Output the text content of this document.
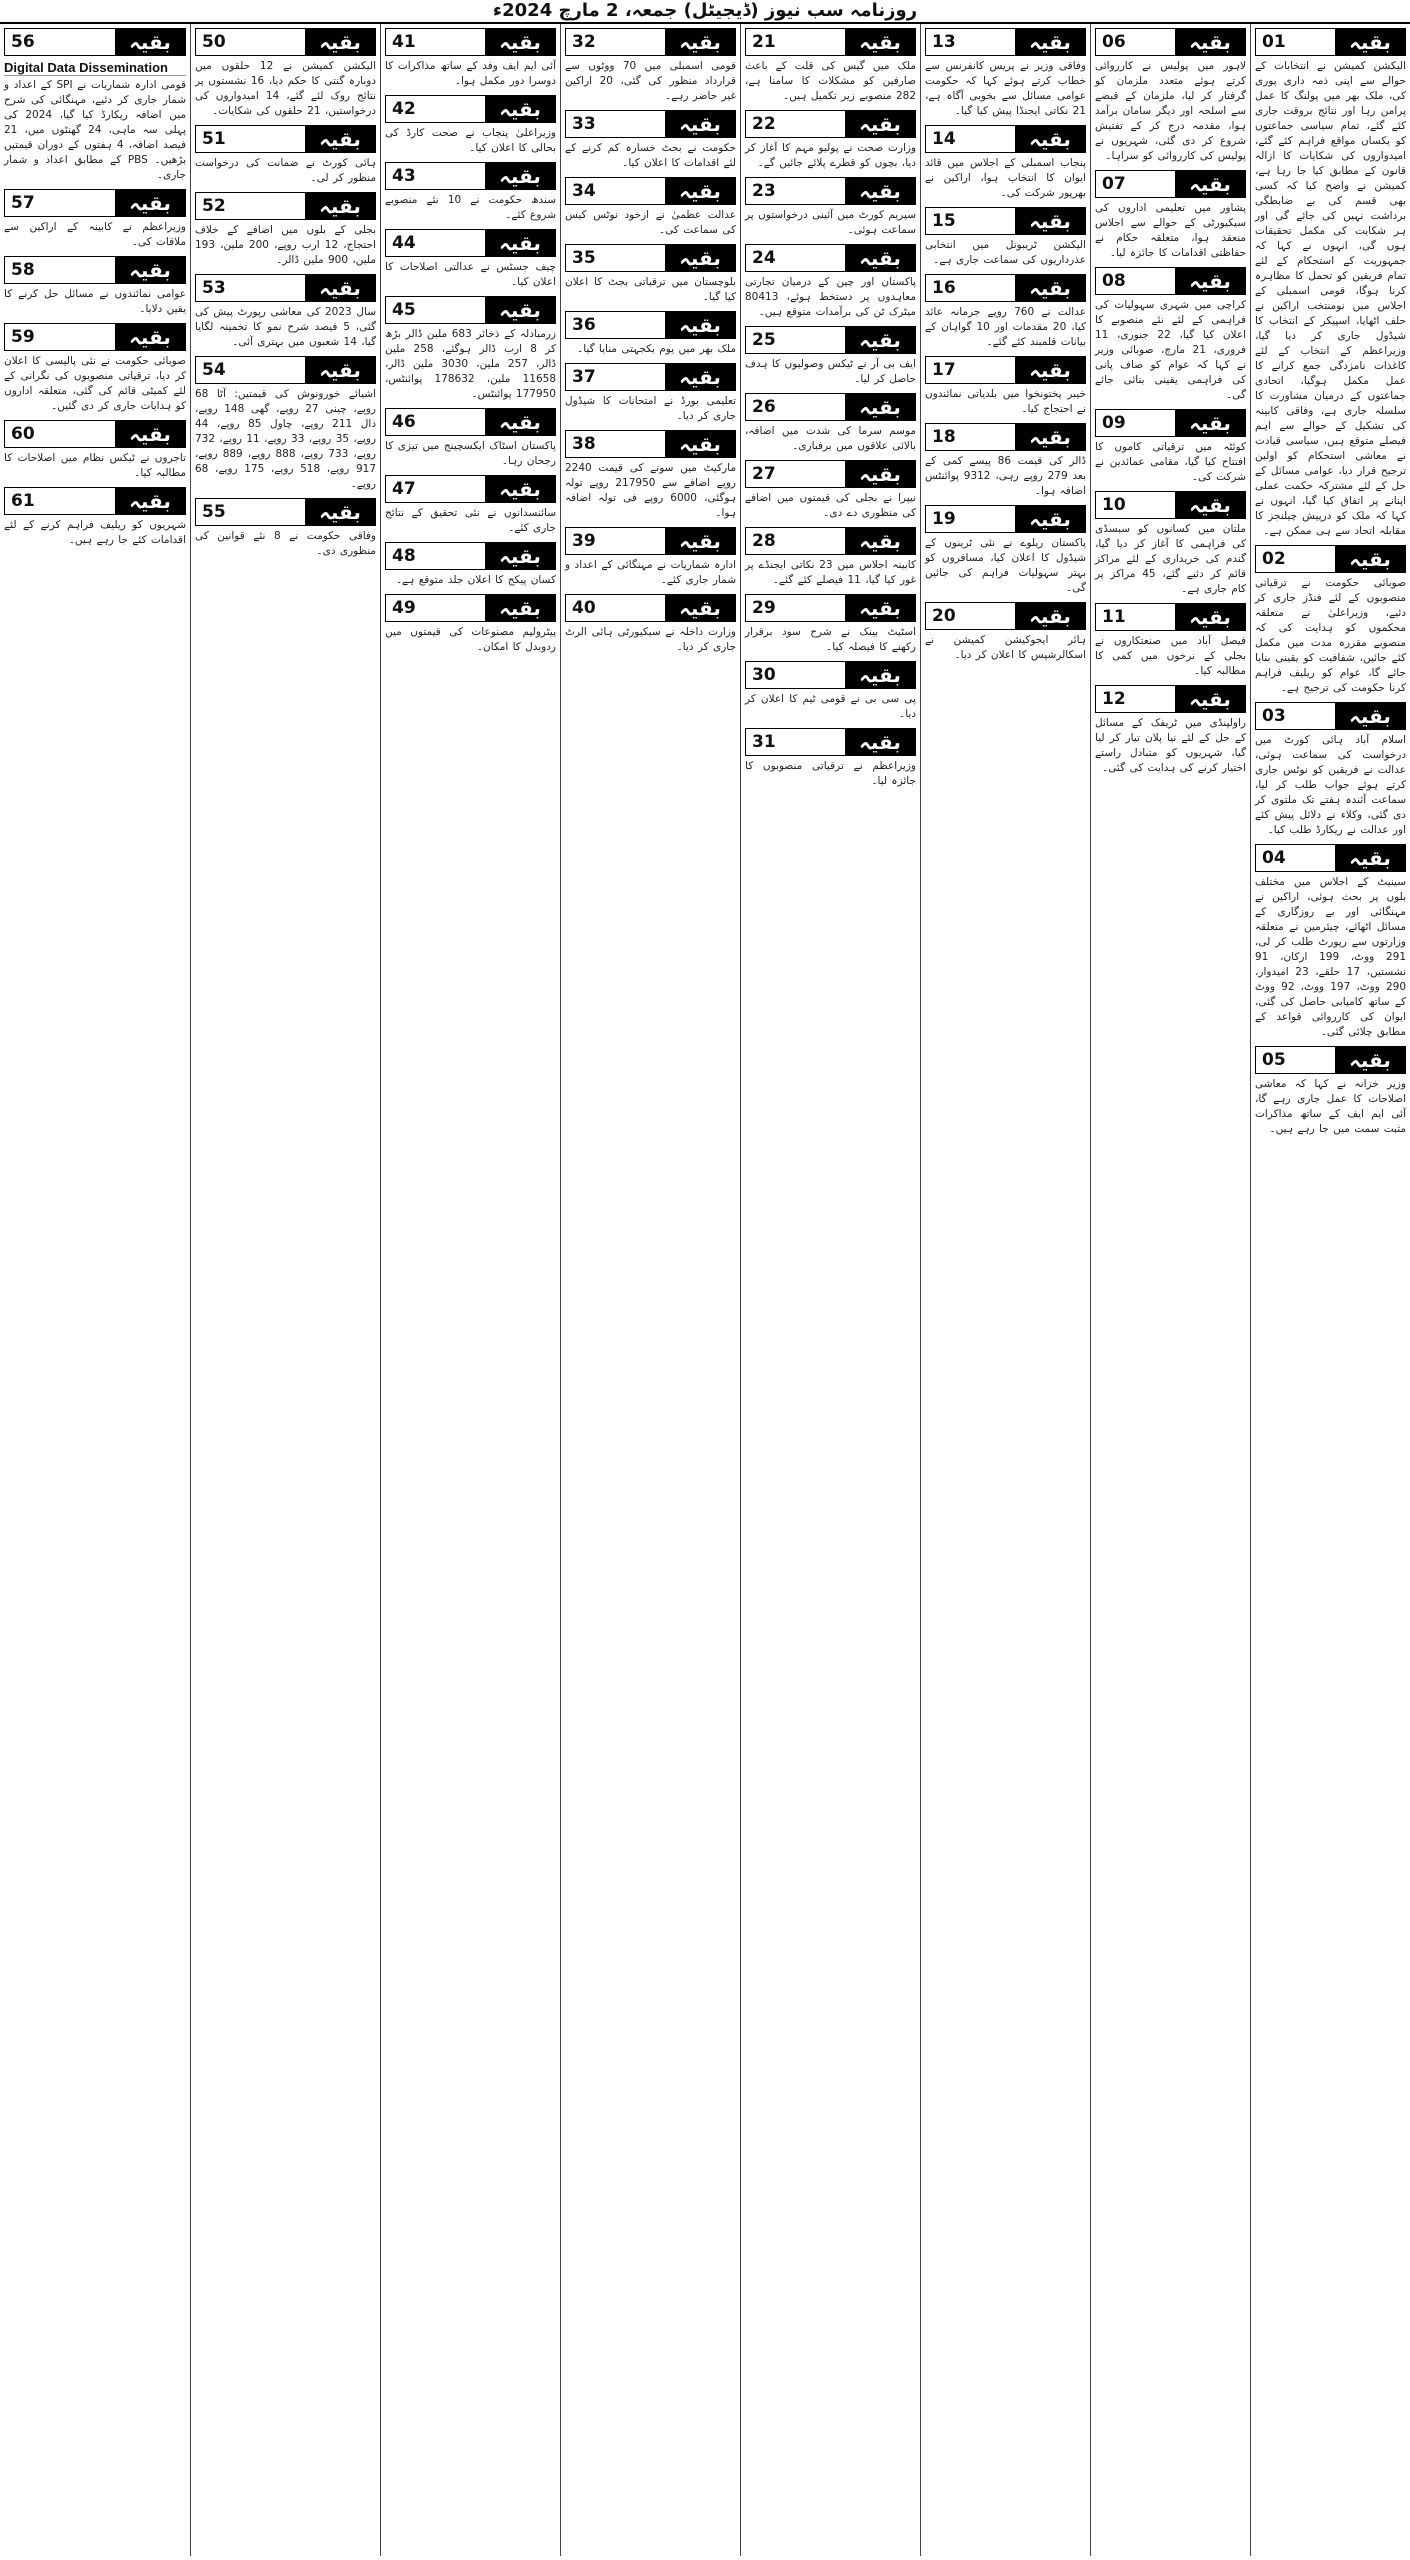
روزنامہ سب نیوز (ڈیجیٹل) جمعہ، 2 مارچ 2024ء
01	بقیہ
الیکشن کمیشن نے انتخابات کے حوالے سے اپنی ذمہ داری پوری کی، ملک بھر میں پولنگ کا عمل پرامن رہا اور نتائج بروقت جاری کئے گئے، تمام سیاسی جماعتوں کو یکساں مواقع فراہم کئے گئے، امیدواروں کی شکایات کا ازالہ قانون کے مطابق کیا جا رہا ہے، کمیشن نے واضح کیا کہ کسی بھی قسم کی بے ضابطگی برداشت نہیں کی جائے گی اور ہر شکایت کی مکمل تحقیقات ہوں گی، انہوں نے کہا کہ جمہوریت کے استحکام کے لئے تمام فریقین کو تحمل کا مظاہرہ کرنا ہوگا، قومی اسمبلی کے اجلاس میں نومنتخب اراکین نے حلف اٹھایا، اسپیکر کے انتخاب کا شیڈول جاری کر دیا گیا، وزیراعظم کے انتخاب کے لئے کاغذات نامزدگی جمع کرانے کا عمل مکمل ہوگیا، اتحادی جماعتوں کے درمیان مشاورت کا سلسلہ جاری ہے، وفاقی کابینہ کی تشکیل کے حوالے سے اہم فیصلے متوقع ہیں، سیاسی قیادت نے معاشی استحکام کو اولین ترجیح قرار دیا، عوامی مسائل کے حل کے لئے مشترکہ حکمت عملی اپنانے پر اتفاق کیا گیا، انہوں نے کہا کہ ملک کو درپیش چیلنجز کا مقابلہ اتحاد سے ہی ممکن ہے۔
02	بقیہ
صوبائی حکومت نے ترقیاتی منصوبوں کے لئے فنڈز جاری کر دئیے، وزیراعلیٰ نے متعلقہ محکموں کو ہدایت کی کہ منصوبے مقررہ مدت میں مکمل کئے جائیں، شفافیت کو یقینی بنایا جائے گا، عوام کو ریلیف فراہم کرنا حکومت کی ترجیح ہے۔
03	بقیہ
اسلام آباد ہائی کورٹ میں درخواست کی سماعت ہوئی، عدالت نے فریقین کو نوٹس جاری کرتے ہوئے جواب طلب کر لیا، سماعت آئندہ ہفتے تک ملتوی کر دی گئی، وکلاء نے دلائل پیش کئے اور عدالت نے ریکارڈ طلب کیا۔
04	بقیہ
سینیٹ کے اجلاس میں مختلف بلوں پر بحث ہوئی، اراکین نے مہنگائی اور بے روزگاری کے مسائل اٹھائے، چیئرمین نے متعلقہ وزارتوں سے رپورٹ طلب کر لی، 291 ووٹ، 199 ارکان، 91 نشستیں، 17 حلقے، 23 امیدوار، 290 ووٹ، 197 ووٹ، 92 ووٹ کے ساتھ کامیابی حاصل کی گئی، ایوان کی کارروائی قواعد کے مطابق چلائی گئی۔
05	بقیہ
وزیر خزانہ نے کہا کہ معاشی اصلاحات کا عمل جاری رہے گا، آئی ایم ایف کے ساتھ مذاکرات مثبت سمت میں جا رہے ہیں۔
06	بقیہ
لاہور میں پولیس نے کارروائی کرتے ہوئے متعدد ملزمان کو گرفتار کر لیا، ملزمان کے قبضے سے اسلحہ اور دیگر سامان برآمد ہوا، مقدمہ درج کر کے تفتیش شروع کر دی گئی، شہریوں نے پولیس کی کارروائی کو سراہا۔
07	بقیہ
پشاور میں تعلیمی اداروں کی سیکیورٹی کے حوالے سے اجلاس منعقد ہوا، متعلقہ حکام نے حفاظتی اقدامات کا جائزہ لیا۔
08	بقیہ
کراچی میں شہری سہولیات کی فراہمی کے لئے نئے منصوبے کا اعلان کیا گیا، 22 جنوری، 11 فروری، 21 مارچ، صوبائی وزیر نے کہا کہ عوام کو صاف پانی کی فراہمی یقینی بنائی جائے گی۔
09	بقیہ
کوئٹہ میں ترقیاتی کاموں کا افتتاح کیا گیا، مقامی عمائدین نے شرکت کی۔
10	بقیہ
ملتان میں کسانوں کو سبسڈی کی فراہمی کا آغاز کر دیا گیا، گندم کی خریداری کے لئے مراکز قائم کر دئیے گئے، 45 مراکز پر کام جاری ہے۔
11	بقیہ
فیصل آباد میں صنعتکاروں نے بجلی کے نرخوں میں کمی کا مطالبہ کیا۔
12	بقیہ
راولپنڈی میں ٹریفک کے مسائل کے حل کے لئے نیا پلان تیار کر لیا گیا، شہریوں کو متبادل راستے اختیار کرنے کی ہدایت کی گئی۔
13	بقیہ
وفاقی وزیر نے پریس کانفرنس سے خطاب کرتے ہوئے کہا کہ حکومت عوامی مسائل سے بخوبی آگاہ ہے، 21 نکاتی ایجنڈا پیش کیا گیا۔
14	بقیہ
پنجاب اسمبلی کے اجلاس میں قائد ایوان کا انتخاب ہوا، اراکین نے بھرپور شرکت کی۔
15	بقیہ
الیکشن ٹریبونل میں انتخابی عذرداریوں کی سماعت جاری ہے۔
16	بقیہ
عدالت نے 760 روپے جرمانہ عائد کیا، 20 مقدمات اور 10 گواہان کے بیانات قلمبند کئے گئے۔
17	بقیہ
خیبر پختونخوا میں بلدیاتی نمائندوں نے احتجاج کیا۔
18	بقیہ
ڈالر کی قیمت 86 پیسے کمی کے بعد 279 روپے رہی، 9312 پوائنٹس اضافہ ہوا۔
19	بقیہ
پاکستان ریلوے نے نئی ٹرینوں کے شیڈول کا اعلان کیا، مسافروں کو بہتر سہولیات فراہم کی جائیں گی۔
20	بقیہ
ہائر ایجوکیشن کمیشن نے اسکالرشپس کا اعلان کر دیا۔
21	بقیہ
ملک میں گیس کی قلت کے باعث صارفین کو مشکلات کا سامنا ہے، 282 منصوبے زیر تکمیل ہیں۔
22	بقیہ
وزارت صحت نے پولیو مہم کا آغاز کر دیا، بچوں کو قطرے پلائے جائیں گے۔
23	بقیہ
سپریم کورٹ میں آئینی درخواستوں پر سماعت ہوئی۔
24	بقیہ
پاکستان اور چین کے درمیان تجارتی معاہدوں پر دستخط ہوئے، 80413 میٹرک ٹن کی برآمدات متوقع ہیں۔
25	بقیہ
ایف بی آر نے ٹیکس وصولیوں کا ہدف حاصل کر لیا۔
26	بقیہ
موسم سرما کی شدت میں اضافہ، بالائی علاقوں میں برفباری۔
27	بقیہ
نیپرا نے بجلی کی قیمتوں میں اضافے کی منظوری دے دی۔
28	بقیہ
کابینہ اجلاس میں 23 نکاتی ایجنڈے پر غور کیا گیا، 11 فیصلے کئے گئے۔
29	بقیہ
اسٹیٹ بینک نے شرح سود برقرار رکھنے کا فیصلہ کیا۔
30	بقیہ
پی سی بی نے قومی ٹیم کا اعلان کر دیا۔
31	بقیہ
وزیراعظم نے ترقیاتی منصوبوں کا جائزہ لیا۔
32	بقیہ
قومی اسمبلی میں 70 ووٹوں سے قرارداد منظور کی گئی، 20 اراکین غیر حاضر رہے۔
33	بقیہ
حکومت نے بجٹ خسارہ کم کرنے کے لئے اقدامات کا اعلان کیا۔
34	بقیہ
عدالت عظمیٰ نے ازخود نوٹس کیس کی سماعت کی۔
35	بقیہ
بلوچستان میں ترقیاتی بجٹ کا اعلان کیا گیا۔
36	بقیہ
ملک بھر میں یوم یکجہتی منایا گیا۔
37	بقیہ
تعلیمی بورڈ نے امتحانات کا شیڈول جاری کر دیا۔
38	بقیہ
مارکیٹ میں سونے کی قیمت 2240 روپے اضافے سے 217950 روپے تولہ ہوگئی، 6000 روپے فی تولہ اضافہ ہوا۔
39	بقیہ
ادارہ شماریات نے مہنگائی کے اعداد و شمار جاری کئے۔
40	بقیہ
وزارت داخلہ نے سیکیورٹی ہائی الرٹ جاری کر دیا۔
41	بقیہ
آئی ایم ایف وفد کے ساتھ مذاکرات کا دوسرا دور مکمل ہوا۔
42	بقیہ
وزیراعلیٰ پنجاب نے صحت کارڈ کی بحالی کا اعلان کیا۔
43	بقیہ
سندھ حکومت نے 10 نئے منصوبے شروع کئے۔
44	بقیہ
چیف جسٹس نے عدالتی اصلاحات کا اعلان کیا۔
45	بقیہ
زرمبادلہ کے ذخائر 683 ملین ڈالر بڑھ کر 8 ارب ڈالر ہوگئے، 258 ملین ڈالر، 257 ملین، 3030 ملین ڈالر، 11658 ملین، 178632 پوائنٹس، 177950 پوائنٹس۔
46	بقیہ
پاکستان اسٹاک ایکسچینج میں تیزی کا رجحان رہا۔
47	بقیہ
سائنسدانوں نے نئی تحقیق کے نتائج جاری کئے۔
48	بقیہ
کسان پیکج کا اعلان جلد متوقع ہے۔
49	بقیہ
پیٹرولیم مصنوعات کی قیمتوں میں ردوبدل کا امکان۔
50	بقیہ
الیکشن کمیشن نے 12 حلقوں میں دوبارہ گنتی کا حکم دیا، 16 نشستوں پر نتائج روک لئے گئے، 14 امیدواروں کی درخواستیں، 21 حلقوں کی شکایات۔
51	بقیہ
ہائی کورٹ نے ضمانت کی درخواست منظور کر لی۔
52	بقیہ
بجلی کے بلوں میں اضافے کے خلاف احتجاج، 12 ارب روپے، 200 ملین، 193 ملین، 900 ملین ڈالر۔
53	بقیہ
سال 2023 کی معاشی رپورٹ پیش کی گئی، 5 فیصد شرح نمو کا تخمینہ لگایا گیا، 14 شعبوں میں بہتری آئی۔
54	بقیہ
اشیائے خورونوش کی قیمتیں: آٹا 68 روپے، چینی 27 روپے، گھی 148 روپے، دال 211 روپے، چاول 85 روپے، 44 روپے، 35 روپے، 33 روپے، 11 روپے، 732 روپے، 733 روپے، 888 روپے، 889 روپے، 917 روپے، 518 روپے، 175 روپے، 68 روپے۔
55	بقیہ
وفاقی حکومت نے 8 نئے قوانین کی منظوری دی۔
56	بقیہ
Digital Data Dissemination
قومی ادارہ شماریات نے SPI کے اعداد و شمار جاری کر دئیے، مہنگائی کی شرح میں اضافہ ریکارڈ کیا گیا، 2024 کی پہلی سہ ماہی، 24 گھنٹوں میں، 21 فیصد اضافہ، 4 ہفتوں کے دوران قیمتیں بڑھیں۔ PBS کے مطابق اعداد و شمار جاری۔
57	بقیہ
وزیراعظم نے کابینہ کے اراکین سے ملاقات کی۔
58	بقیہ
عوامی نمائندوں نے مسائل حل کرنے کا یقین دلایا۔
59	بقیہ
صوبائی حکومت نے نئی پالیسی کا اعلان کر دیا، ترقیاتی منصوبوں کی نگرانی کے لئے کمیٹی قائم کی گئی، متعلقہ اداروں کو ہدایات جاری کر دی گئیں۔
60	بقیہ
تاجروں نے ٹیکس نظام میں اصلاحات کا مطالبہ کیا۔
61	بقیہ
شہریوں کو ریلیف فراہم کرنے کے لئے اقدامات کئے جا رہے ہیں۔
